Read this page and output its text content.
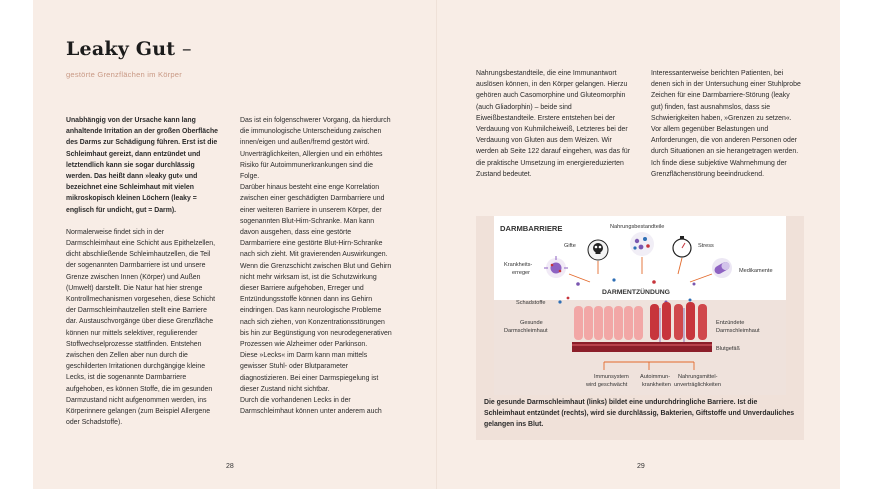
Leaky Gut –
gestörte Grenzflächen im Körper

Unabhängig von der Ursache kann lang anhaltende Irritation an der großen Oberfläche des Darms zur Schädigung führen. Erst ist die Schleimhaut gereizt, dann entzündet und letztendlich kann sie sogar durchlässig werden. Das heißt dann »leaky gut« und bezeichnet eine Schleimhaut mit vielen mikroskopisch kleinen Löchern (leaky = englisch für undicht, gut = Darm).

Normalerweise findet sich in der Darmschleimhaut eine Schicht aus Epithelzellen, dicht abschließende Schleimhautzellen, die Teil der sogenannten Darmbarriere ist und unsere Grenze zwischen Innen (Körper) und Außen (Umwelt) darstellt. Die Natur hat hier strenge Kontrollmechanismen vorgesehen, diese Schicht der Darmschleimhautzellen stellt eine Barriere dar. Austauschvorgänge über diese Grenzfläche können nur mittels selektiver, regulierender Stoffwechselprozesse stattfinden. Entstehen zwischen den Zellen aber nun durch die geschilderten Irritationen durchgängige kleine Lecks, ist die sogenannte Darmbarriere aufgehoben, es können Stoffe, die im gesunden Darmzustand nicht aufgenommen werden, ins Körperinnere gelangen (zum Beispiel Allergene oder Schadstoffe).

Das ist ein folgenschwerer Vorgang, da hierdurch die immunologische Unterscheidung zwischen innen/eigen und außen/fremd gestört wird. Unverträglichkeiten, Allergien und ein erhöhtes Risiko für Autoimmunerkrankungen sind die Folge.

Darüber hinaus besteht eine enge Korrelation zwischen einer geschädigten Darmbarriere und einer weiteren Barriere in unserem Körper, der sogenannten Blut-Hirn-Schranke. Man kann davon ausgehen, dass eine gestörte Darmbarriere eine gestörte Blut-Hirn-Schranke nach sich zieht. Mit gravierenden Auswirkungen. Wenn die Grenzschicht zwischen Blut und Gehirn nicht mehr wirksam ist, ist die Schutzwirkung dieser Barriere aufgehoben, Erreger und Entzündungsstoffe können dann ins Gehirn eindringen. Das kann neurologische Probleme nach sich ziehen, von Konzentrationsstörungen bis hin zur Begünstigung von neurodegenerativen Prozessen wie Alzheimer oder Parkinson.

Diese »Lecks« im Darm kann man mittels gewisser Stuhl- oder Blutparameter diagnostizieren. Bei einer Darmspiegelung ist dieser Zustand nicht sichtbar.

Durch die vorhandenen Lecks in der Darmschleimhaut können unter anderem auch

Nahrungsbestandteile, die eine Immunantwort auslösen können, in den Körper gelangen. Hierzu gehören auch Casomorphine und Gluteomorphin (auch Gliadorphin) – beide sind Eiweißbestandteile. Erstere entstehen bei der Verdauung von Kuhmilcheiweiß, Letzteres bei der Verdauung von Gluten aus dem Weizen. Wir werden ab Seite 122 darauf eingehen, was das für die praktische Umsetzung im energiereduzierten Zustand bedeutet.

Interessanterweise berichten Patienten, bei denen sich in der Untersuchung einer Stuhlprobe Zeichen für eine Darmbarriere-Störung (leaky gut) finden, fast ausnahmslos, dass sie Schwierigkeiten haben, »Grenzen zu setzen«. Vor allem gegenüber Belastungen und Anforderungen, die von anderen Personen oder durch Situationen an sie herangetragen werden. Ich finde diese subjektive Wahrnehmung der Grenzflächenstörung beeindruckend.

DARMBARRIERE
DARMENTZÜNDUNG
Nahrungsbestandteile
Gifte	Stress
Krankheits-
erreger	Medikamente
Schadstoffe
Gesunde
Darmschleimhaut
Entzündete
Darmschleimhaut
Blutgefäß
Immunsystem
wird geschwächt
Autoimmun-
krankheiten
Nahrungsmittel-
unverträglichkeiten
Die gesunde Darmschleimhaut (links) bildet eine undurchdringliche Barriere. Ist die Schleimhaut entzündet (rechts), wird sie durchlässig, Bakterien, Giftstoffe und Unverdauliches gelangen ins Blut.
28	29
